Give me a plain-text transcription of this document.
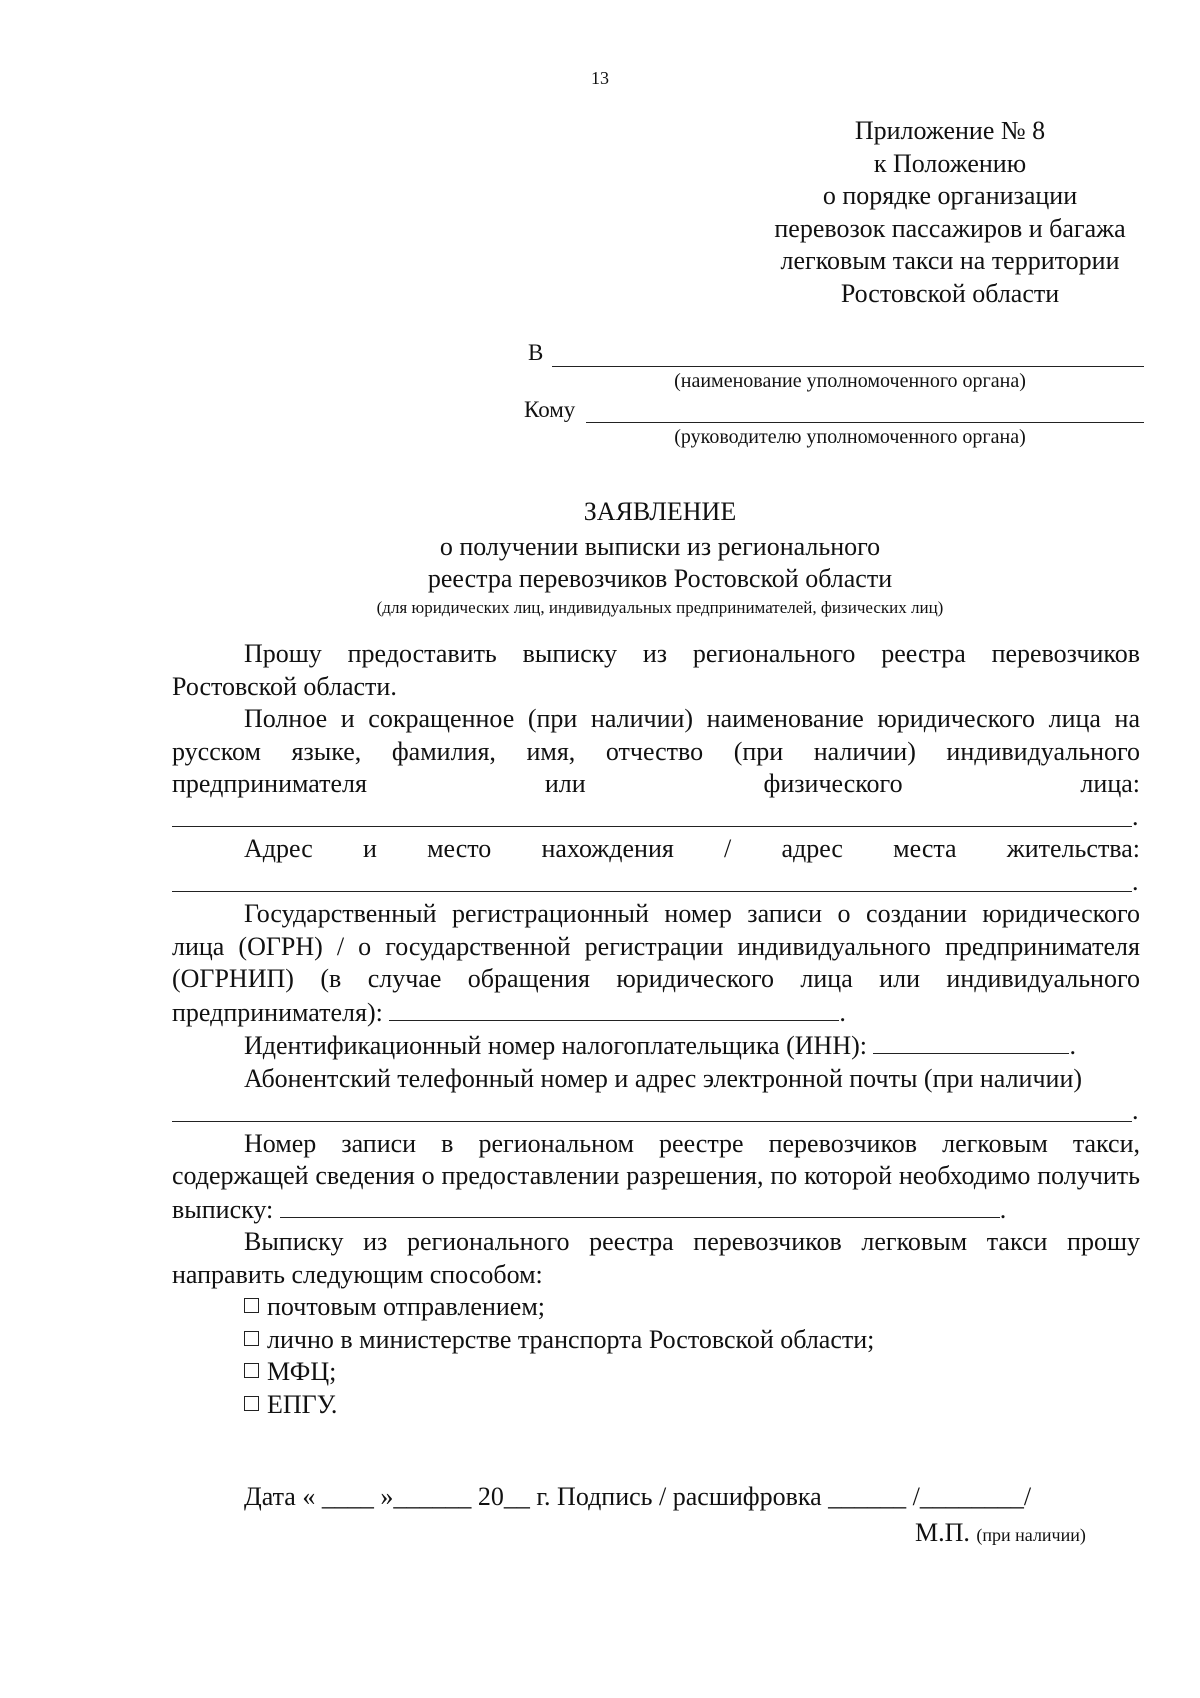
13
Приложение № 8
к Положению
о порядке организации
перевозок пассажиров и багажа
легковым такси на территории
Ростовской области
В
(наименование уполномоченного органа)
Кому
(руководителю уполномоченного органа)
ЗАЯВЛЕНИЕ
о получении выписки из регионального
реестра перевозчиков Ростовской области
(для юридических лиц, индивидуальных предпринимателей, физических лиц)

Прошу предоставить выписку из регионального реестра перевозчиков Ростовской области.

Полное и сокращенное (при наличии) наименование юридического лица на русском языке, фамилия, имя, отчество (при наличии) индивидуального предпринимателя или физического лица:

.

Адрес и место нахождения / адрес места жительства:

.

Государственный регистрационный номер записи о создании юридического лица (ОГРН) / о государственной регистрации индивидуального предпринимателя (ОГРНИП) (в случае обращения юридического лица или индивидуального предпринимателя):	.

Идентификационный номер налогоплательщика (ИНН):	.

Абонентский телефонный номер и адрес электронной почты (при наличии)

.

Номер записи в региональном реестре перевозчиков легковым такси, содержащей сведения о предоставлении разрешения, по которой необходимо получить выписку:	.

Выписку из регионального реестра перевозчиков легковым такси прошу направить следующим способом:

почтовым отправлением;

лично в министерстве транспорта Ростовской области;

МФЦ;

ЕПГУ.

Дата « ____ »______ 20__ г. Подпись / расшифровка ______ /________/
М.П. (при наличии)
